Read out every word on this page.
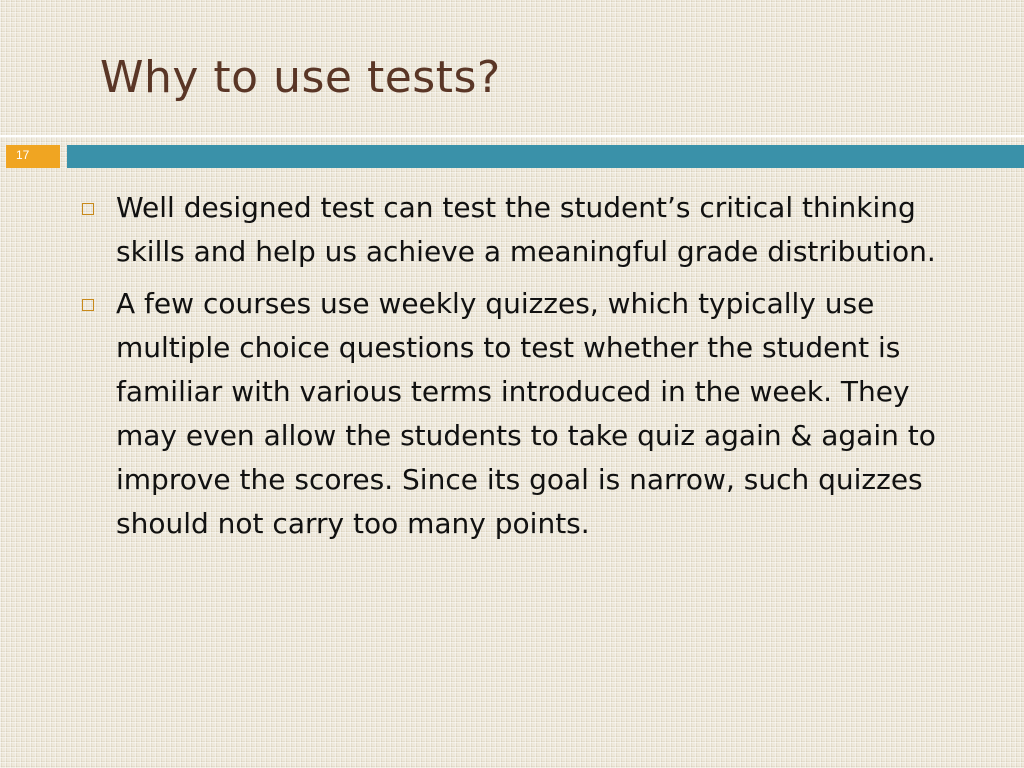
Why to use tests?
17
Well designed test can test the student’s critical thinking skills and help us achieve a meaningful grade distribution.
A few courses use weekly quizzes, which typically use multiple choice questions to test whether the student is familiar with various terms introduced in the week. They may even allow the students to take quiz again & again to improve the scores. Since its goal is narrow, such quizzes should not carry too many points.
